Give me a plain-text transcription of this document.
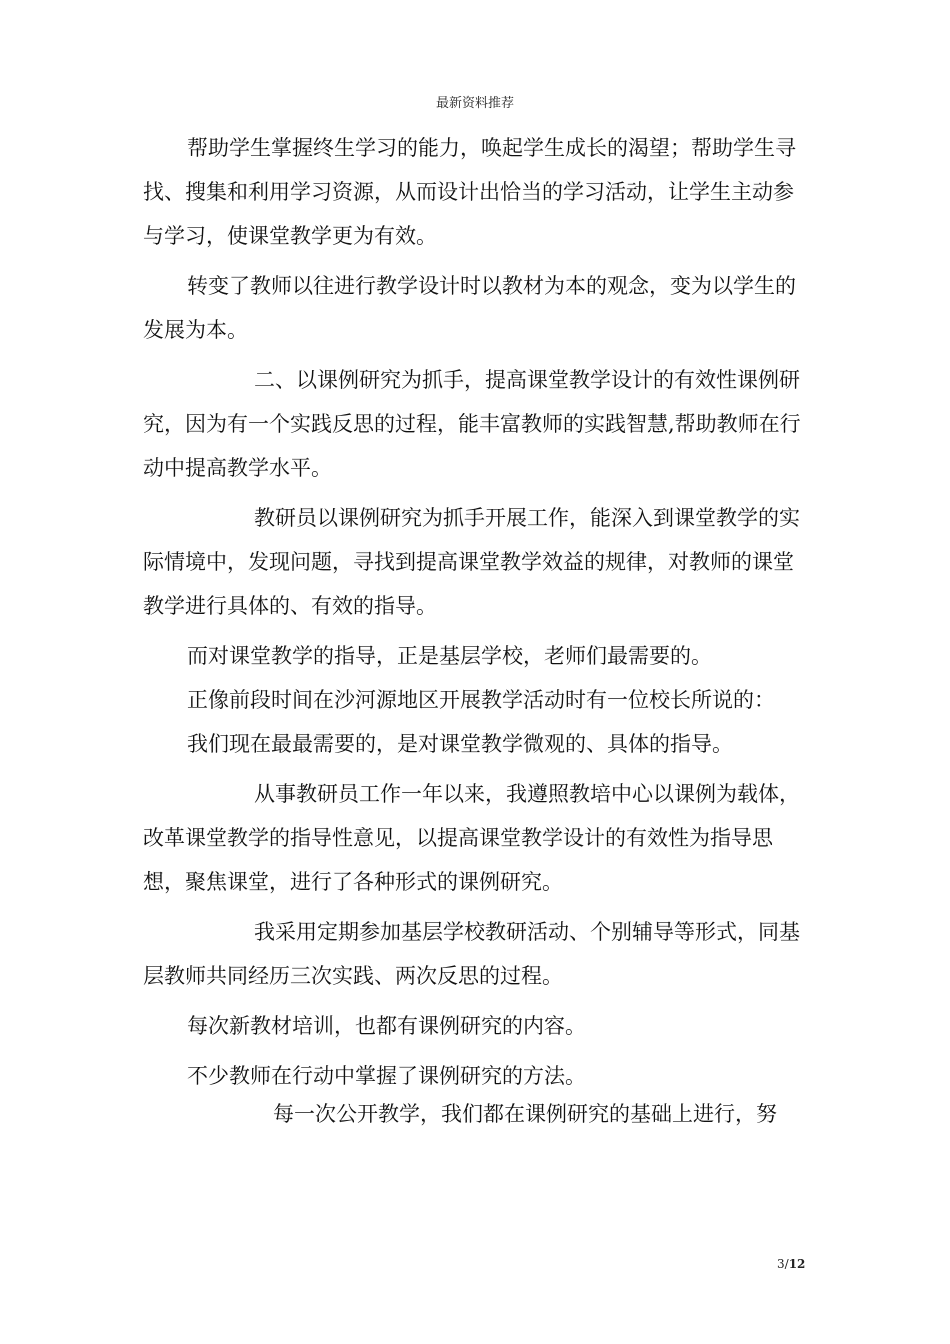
最新资料推荐

帮助学生掌握终生学习的能力，唤起学生成长的渴望；帮助学生寻找、搜集和利用学习资源，从而设计出恰当的学习活动，让学生主动参与学习，使课堂教学更为有效。

转变了教师以往进行教学设计时以教材为本的观念，变为以学生的发展为本。

二、以课例研究为抓手，提高课堂教学设计的有效性课例研究，因为有一个实践反思的过程，能丰富教师的实践智慧,帮助教师在行动中提高教学水平。

教研员以课例研究为抓手开展工作，能深入到课堂教学的实际情境中，发现问题，寻找到提高课堂教学效益的规律，对教师的课堂教学进行具体的、有效的指导。

而对课堂教学的指导，正是基层学校，老师们最需要的。

正像前段时间在沙河源地区开展教学活动时有一位校长所说的：

我们现在最最需要的，是对课堂教学微观的、具体的指导。

从事教研员工作一年以来，我遵照教培中心以课例为载体，改革课堂教学的指导性意见，以提高课堂教学设计的有效性为指导思想，聚焦课堂，进行了各种形式的课例研究。

我采用定期参加基层学校教研活动、个别辅导等形式，同基层教师共同经历三次实践、两次反思的过程。

每次新教材培训，也都有课例研究的内容。

不少教师在行动中掌握了课例研究的方法。

每一次公开教学，我们都在课例研究的基础上进行，努

3/12
